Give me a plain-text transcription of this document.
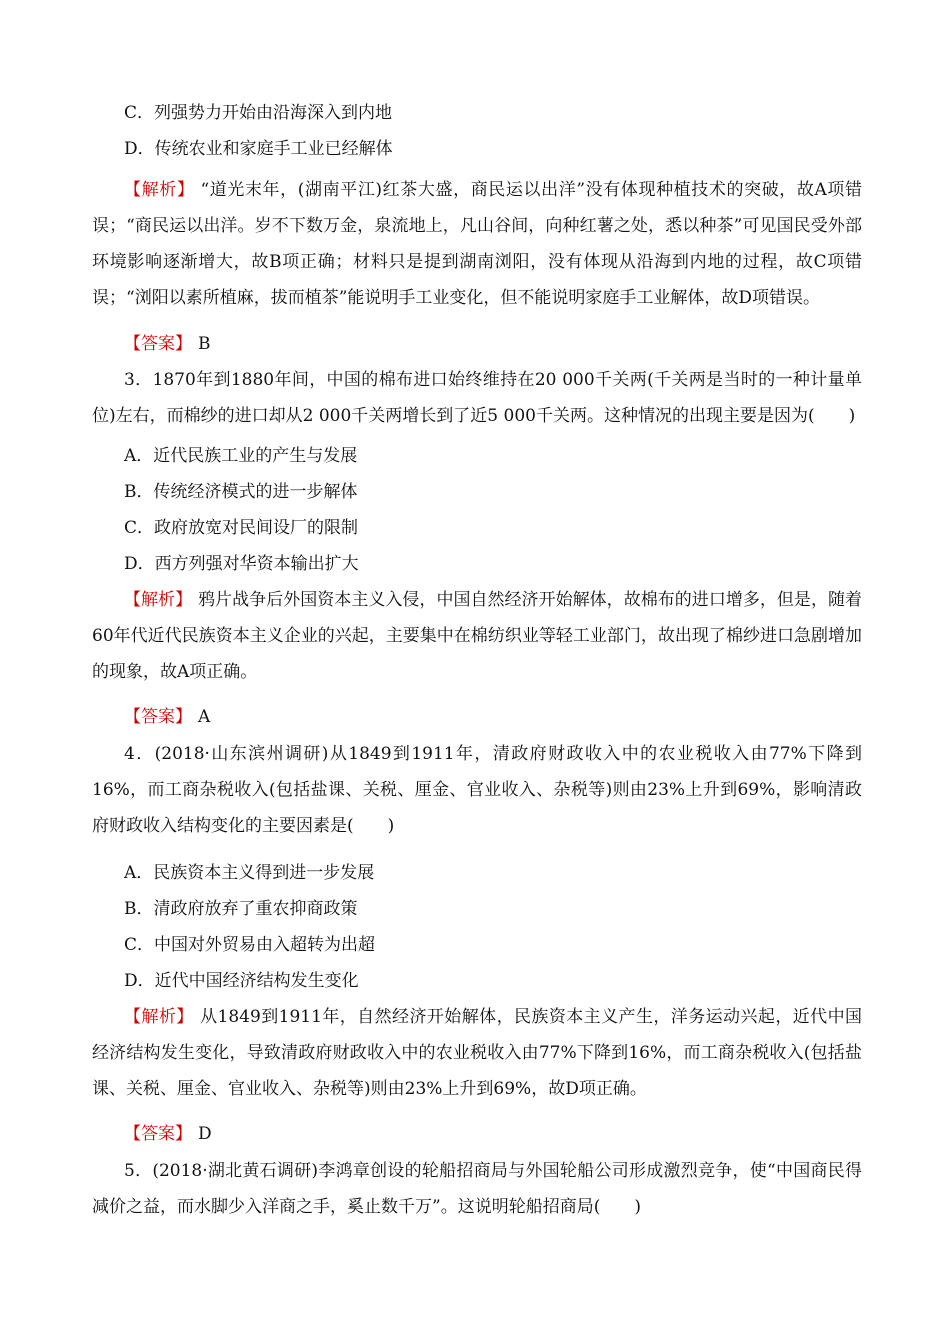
C．列强势力开始由沿海深入到内地
D．传统农业和家庭手工业已经解体

【解析】 “道光末年，(湖南平江)红茶大盛，商民运以出洋”没有体现种植技术的突破，故A项错误；“商民运以出洋。岁不下数万金，泉流地上，凡山谷间，向种红薯之处，悉以种茶”可见国民受外部环境影响逐渐增大，故B项正确；材料只是提到湖南浏阳，没有体现从沿海到内地的过程，故C项错误；“浏阳以素所植麻，拔而植茶”能说明手工业变化，但不能说明家庭手工业解体，故D项错误。

【答案】 B

3．1870年到1880年间，中国的棉布进口始终维持在20 000千关两(千关两是当时的一种计量单位)左右，而棉纱的进口却从2 000千关两增长到了近5 000千关两。这种情况的出现主要是因为(　　)

A．近代民族工业的产生与发展
B．传统经济模式的进一步解体
C．政府放宽对民间设厂的限制
D．西方列强对华资本输出扩大

【解析】 鸦片战争后外国资本主义入侵，中国自然经济开始解体，故棉布的进口增多，但是，随着60年代近代民族资本主义企业的兴起，主要集中在棉纺织业等轻工业部门，故出现了棉纱进口急剧增加的现象，故A项正确。

【答案】 A

4．(2018·山东滨州调研)从1849到1911年，清政府财政收入中的农业税收入由77%下降到16%，而工商杂税收入(包括盐课、关税、厘金、官业收入、杂税等)则由23%上升到69%，影响清政府财政收入结构变化的主要因素是(　　)

A．民族资本主义得到进一步发展
B．清政府放弃了重农抑商政策
C．中国对外贸易由入超转为出超
D．近代中国经济结构发生变化

【解析】 从1849到1911年，自然经济开始解体，民族资本主义产生，洋务运动兴起，近代中国经济结构发生变化，导致清政府财政收入中的农业税收入由77%下降到16%，而工商杂税收入(包括盐课、关税、厘金、官业收入、杂税等)则由23%上升到69%，故D项正确。

【答案】 D

5．(2018·湖北黄石调研)李鸿章创设的轮船招商局与外国轮船公司形成激烈竞争，使“中国商民得减价之益，而水脚少入洋商之手，奚止数千万”。这说明轮船招商局(　　)
